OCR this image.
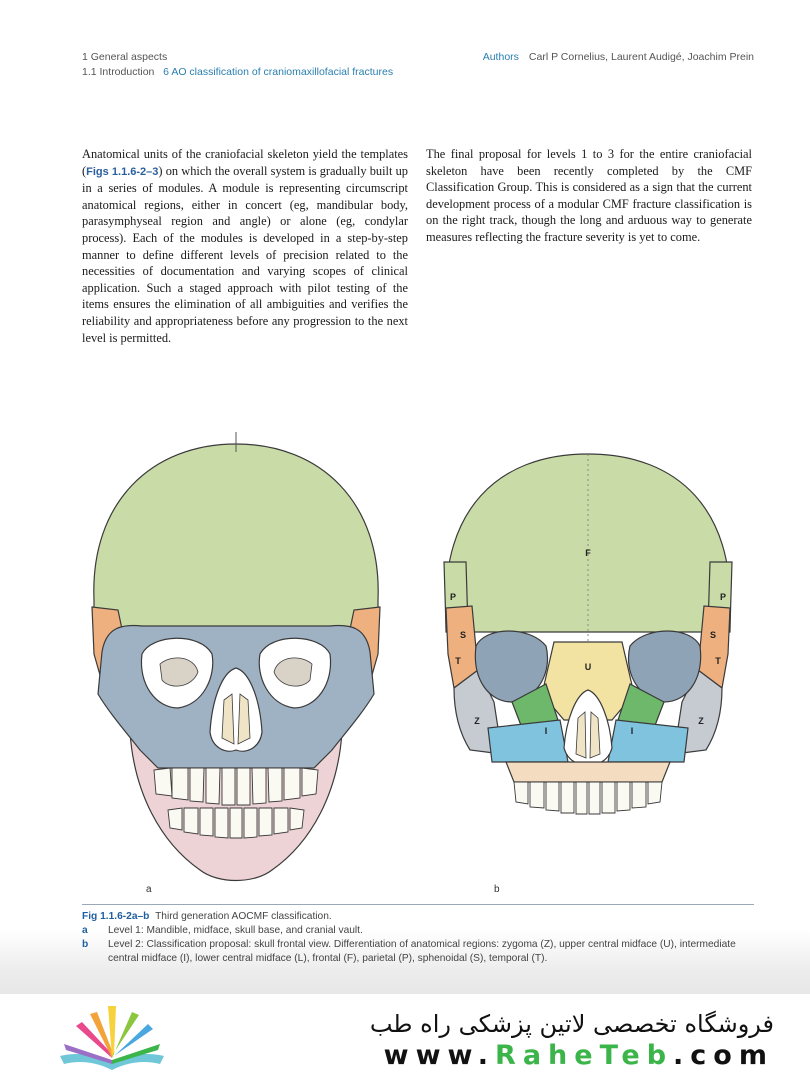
1 General aspects
1.1 Introduction 6 AO classification of craniomaxillofacial fractures
Authors Carl P Cornelius, Laurent Audigé, Joachim Prein
Anatomical units of the craniofacial skeleton yield the templates (Figs 1.1.6-2–3) on which the overall system is gradually built up in a series of modules. A module is representing circumscript anatomical regions, either in concert (eg, mandibular body, parasymphyseal region and angle) or alone (eg, condylar process). Each of the modules is developed in a step-by-step manner to define different levels of precision related to the necessities of documentation and varying scopes of clinical application. Such a staged approach with pilot testing of the items ensures the elimination of all ambiguities and verifies the reliability and appropriateness before any progression to the next level is permitted.
The final proposal for levels 1 to 3 for the entire craniofacial skeleton have been recently completed by the CMF Classification Group. This is considered as a sign that the current development process of a modular CMF fracture classification is on the right track, though the long and arduous way to generate measures reflecting the fracture severity is yet to come.
F
P	P
S	S
T	T
U
Z	Z
I	I
a	b
Fig 1.1.6-2a–b Third generation AOCMF classification.
a	Level 1: Mandible, midface, skull base, and cranial vault.
b	Level 2: Classification proposal: skull frontal view. Differentiation of anatomical regions: zygoma (Z), upper central midface (U), intermediate central midface (I), lower central midface (L), frontal (F), parietal (P), sphenoidal (S), temporal (T).
فروشگاه تخصصی لاتین پزشکی راه طب
www.RaheTeb.com
